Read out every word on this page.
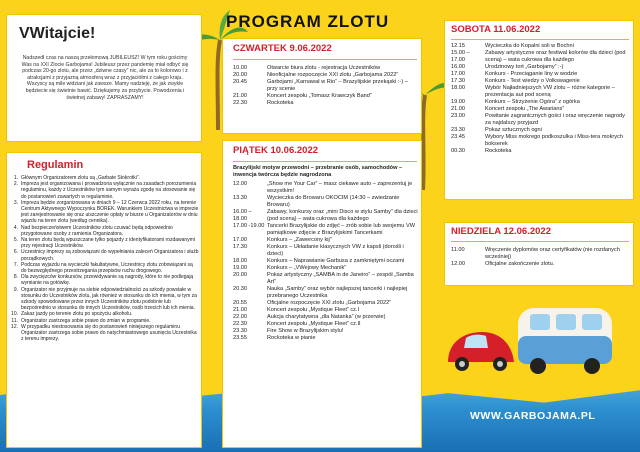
VWitajcie!
Nadszedł czas na naszą przełomową JUBILEUSZ! W tym roku gościmy Was na XXI Zlocie Garbojama! Jubileusz przez pandemię miał odbyć się podczas 20-go zlotu, ale przez „dziwne czasy” nic, ale za to kolorowo i z atrakcjami z przyjazną atmosferą wraz z przyjaciółmi z całego kraju. Wszyscy są mile widziani jak zawsze. Mamy nadzieję, że jak zwykle będziecie się świetnie bawić. Dziękujemy za przybycie. Powodzenia i świetnej zabawy! ZAPRASZAMY!
Regulamin
1. Głównym Organizatorem zlotu są „Garbate Stokrotki”.
2. Impreza jest organizowana i prowadzona wyłącznie na zasadach porozumienia regulaminu, każdy z Uczestników tym samym wyraża zgodę na stosowanie się do postanowień zawartych w regulaminie.
3. Impreza będzie zorganizowana w dniach 9 – 12 Czerwca 2022 roku, na terenie Centrum Aktywnego Wypoczynku BOREK. Warunkiem Uczestnictwa w imprezie jest zarejestrowanie się oraz uiszczenie opłaty w biurze u Organizatorów w dniu wjazdu na teren zlotu (według cennika).
4. Nad bezpieczeństwem Uczestników zlotu czuwać będą odpowiednio przygotowane osoby z ramienia Organizatora.
5. Na teren zlotu będą wpuszczane tylko pojazdy z identyfikatorami rozdawanymi przy rejestracji Uczestników.
6. Uczestnicy imprezy są zobowiązani do wypełniania zaleceń Organizatora i służb porządkowych.
7. Podczas wyjazdu na wycieczki fakultatywne, Uczestnicy zlotu zobowiązani są do bezwzględnego przestrzegania przepisów ruchu drogowego.
8. Dla zwycięzców konkursów, przewidywanie są nagrody, które to nie podlegają wymianie na gotówkę.
9. Organizator nie przyjmuje na siebie odpowiedzialności za szkody powstałe w stosunku do Uczestników zlotu, jak również w stosunku do ich mienia, w tym za szkody spowodowane przez innych Uczestników zlotu podobnie lub bezpośrednio w stosunku do innych Uczestników, osób trzecich lub ich mienia.
10. Zakaz jazdy po terenie zlotu po spożyciu alkoholu.
11. Organizator zastrzega sobie prawo do zmian w programie.
12. W przypadku niestosowania się do postanowień niniejszego regulaminu Organizator zastrzega sobie prawo do natychmiastowego usunięcia Uczestnika z terenu imprezy.
PROGRAM ZLOTU
CZWARTEK 9.06.2022
10.00	Otwarcie biura zlotu - rejestracja Uczestników
20.00	Nieoficjalne rozpoczęcie XXI zlotu „Garbojama 2022”
20.45	Garbojami „Karnawał w Rio” – Brazylijskie przekąski :-) – przy scenie
21.00	Koncert zespołu „Tomasz Krawczyk Band”
22.30	Rockoteka
PIĄTEK 10.06.2022
Brazylijski motyw przewodni – przebranie osób, samochodów – inwencja twórcza będzie nagrodzona
12.00	„Show me Your Car” – masz ciekawe auto – zaprezentuj je wszystkim!
13.30	Wycieczka do Browaru OKOCIM (14:30 – zwiedzanie Browaru)
16.00 – 18.00
Zabawy, konkursy oraz „mini Disco w stylu Samby” dla dzieci (pod sceną) – wata cukrowa dla każdego
17.00 -19.00 Tancerki Brazylijskie do zdjęć – zrób sobie lub swojemu VW pamiątkowe zdjęcie z Brazylijskimi Tancerkami
17.00	Konkurs – „Zawercony kij”
17.30	Konkurs – Układanie klasycznych VW z kapsli (dorośli i dzieci)
18.00	Konkurs – Naprawianie Garbusa z zamkniętymi oczami
19.00	Konkurs – „VWejowy Mechanik”
20.00	Pokaz artystyczny „SAMBA in de Janeiro” – zespół „Samba Art”
20.30	Nauka „Samby” oraz wybór najlepszej tancerki i najlepiej przebranego Uczestnika
20.55	Oficjalne rozpoczęcie XXI zlotu „Garbojama 2022”
21.00	Koncert zespołu „Mystique Fleet” cz.I
22.00	Aukcja charytatywna „dla Natanka” (w przerwie)
22.30	Koncert zespołu „Mystique Fleet” cz.II
23.30	Fire Show w Brazylijskim stylu!
23.55	Rockoteka w pianie
SOBOTA 11.06.2022
12.15	Wycieczka do Kopalni soli w Bochni
15.00 – 17.00
Zabawy artystyczne oraz festiwal kolorów dla dzieci (pod sceną) – wata cukrowa dla każdego
16.00	Urodzinowy tort „Garbojamy” :-)
17.00	Konkurs - Przeciąganie liny w wodzie
17.30	Konkurs - Test wiedzy o Volkswagenie
18.00	Wybór Najładniejszych VW zlotu – różne kategorie – prezentacja aut pod sceną
19.00	Konkurs – Strzyżenie Ogóra” z ogórka
21.00	Koncert zespołu „The Awarians”
23.00	Powitanie zagranicznych gości i oraz wręczenie nagrody za najdalszy przyjazd
23.30	Pokaz sztucznych ogni
23.45	Wybory Miss mokrego podkoszulka i Miss-tera mokrych bokserek
00.30	Rockoteka
NIEDZIELA 12.06.2022
11.00	Wręczenie dyplomów oraz certyfikatów (nie rozdanych wcześniej)
12.00	Oficjalne zakończenie zlotu.
WWW.GARBOJAMA.PL
